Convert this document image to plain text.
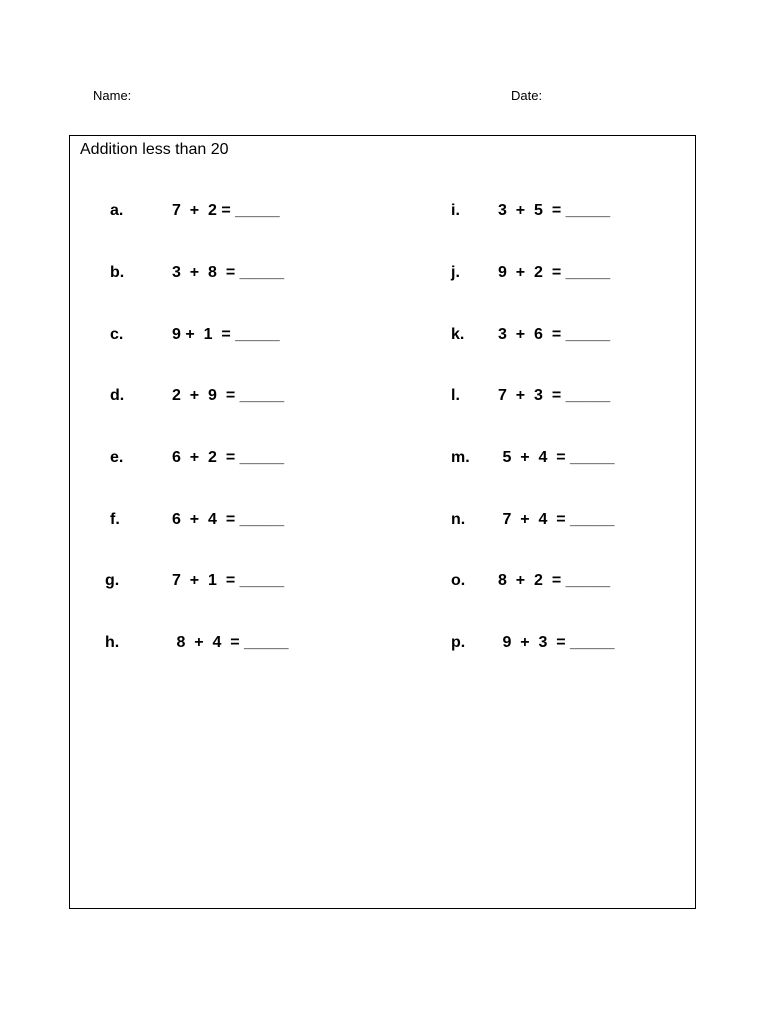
Name:	Date:
Addition less than 20
a.	7  +  2 = _____
b.	3  +  8  = _____
c.	9 +  1  = _____
d.	2  +  9  = _____
e.	6  +  2  = _____
f.	6  +  4  = _____
g.	7  +  1  = _____
h.	8  +  4  = _____
i. 3  +  5  = _____
j. 9  +  2  = _____
k. 3  +  6  = _____
l. 7  +  3  = _____
m. 5  +  4  = _____
n. 7  +  4  = _____
o. 8  +  2  = _____
p. 9  +  3  = _____
